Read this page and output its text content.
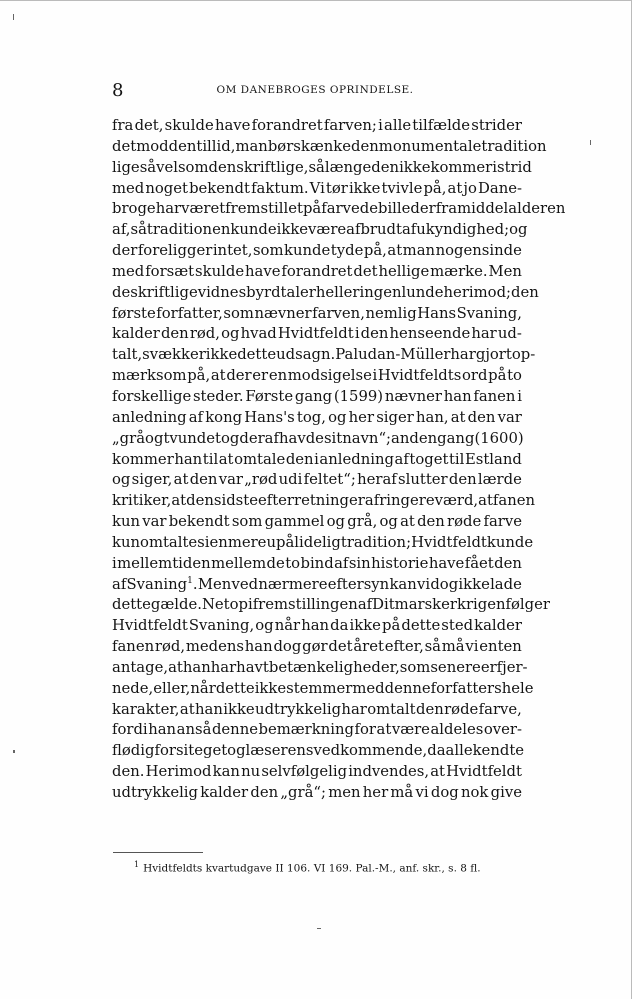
8	OM DANEBROGES OPRINDELSE.
fra det, skulde have forandret farven; i alle tilfælde strider
det mod den tillid, man bør skænke den monumentale tradition
ligesåvel som den skriftlige, sålænge den ikke kommer i strid
med noget bekendt faktum. Vi tør ikke tvivle på, at jo Dane-
broge har været fremstillet på farvede billeder fra middelalderen
af, så traditionen kunde ikke være afbrudt af ukyndighed; og
der foreligger intet, som kunde tyde på, at man nogensinde
med forsæt skulde have forandret det hellige mærke. Men
de skriftlige vidnesbyrd taler heller ingenlunde herimod; den
første forfatter, som nævner farven, nemlig Hans Svaning,
kalder den rød, og hvad Hvidtfeldt i den henseende har ud-
talt, svækker ikke dette udsagn. Paludan-Müller har gjort op-
mærksom på, at der er en modsigelse i Hvidtfeldts ord på to
forskellige steder. Første gang (1599) nævner han fanen i
anledning af kong Hans's tog, og her siger han, at den var
„grå og tvundet og deraf havde sit navn“; anden gang (1600)
kommer han til at omtale den i anledning af toget til Estland
og siger, at den var „rød udi feltet“; heraf slutter den lærde
kritiker, at den sidste efterretning er af ringere værd, at fanen
kun var bekendt som gammel og grå, og at den røde farve
kun omtaltes i en mere upålidelig tradition; Hvidtfeldt kunde
i mellemtiden mellem de to bind af sin historie have fået den
af Svaning$^1$. Men ved nærmere eftersyn kan vi dog ikke lade
dette gælde. Netop i fremstillingen af Ditmarskerkrigen følger
Hvidtfeldt Svaning, og når han da ikke på dette sted kalder
fanen rød, medens han dog gør det året efter, så må vi enten
antage, at han har havt betænkeligheder, som senere er fjer-
nede, eller, når dette ikke stemmer med denne forfatters hele
karakter, at han ikke udtrykkelig har omtalt den røde farve,
fordi han anså denne bemærkning for at være aldeles over-
flødig for sit eget og læserens vedkommende, da alle kendte
den. Herimod kan nu selvfølgelig indvendes, at Hvidtfeldt
udtrykkelig kalder den „grå“; men her må vi dog nok give
$^1$ Hvidtfeldts kvartudgave II 106. VI 169. Pal.-M., anf. skr., s. 8 fl.
